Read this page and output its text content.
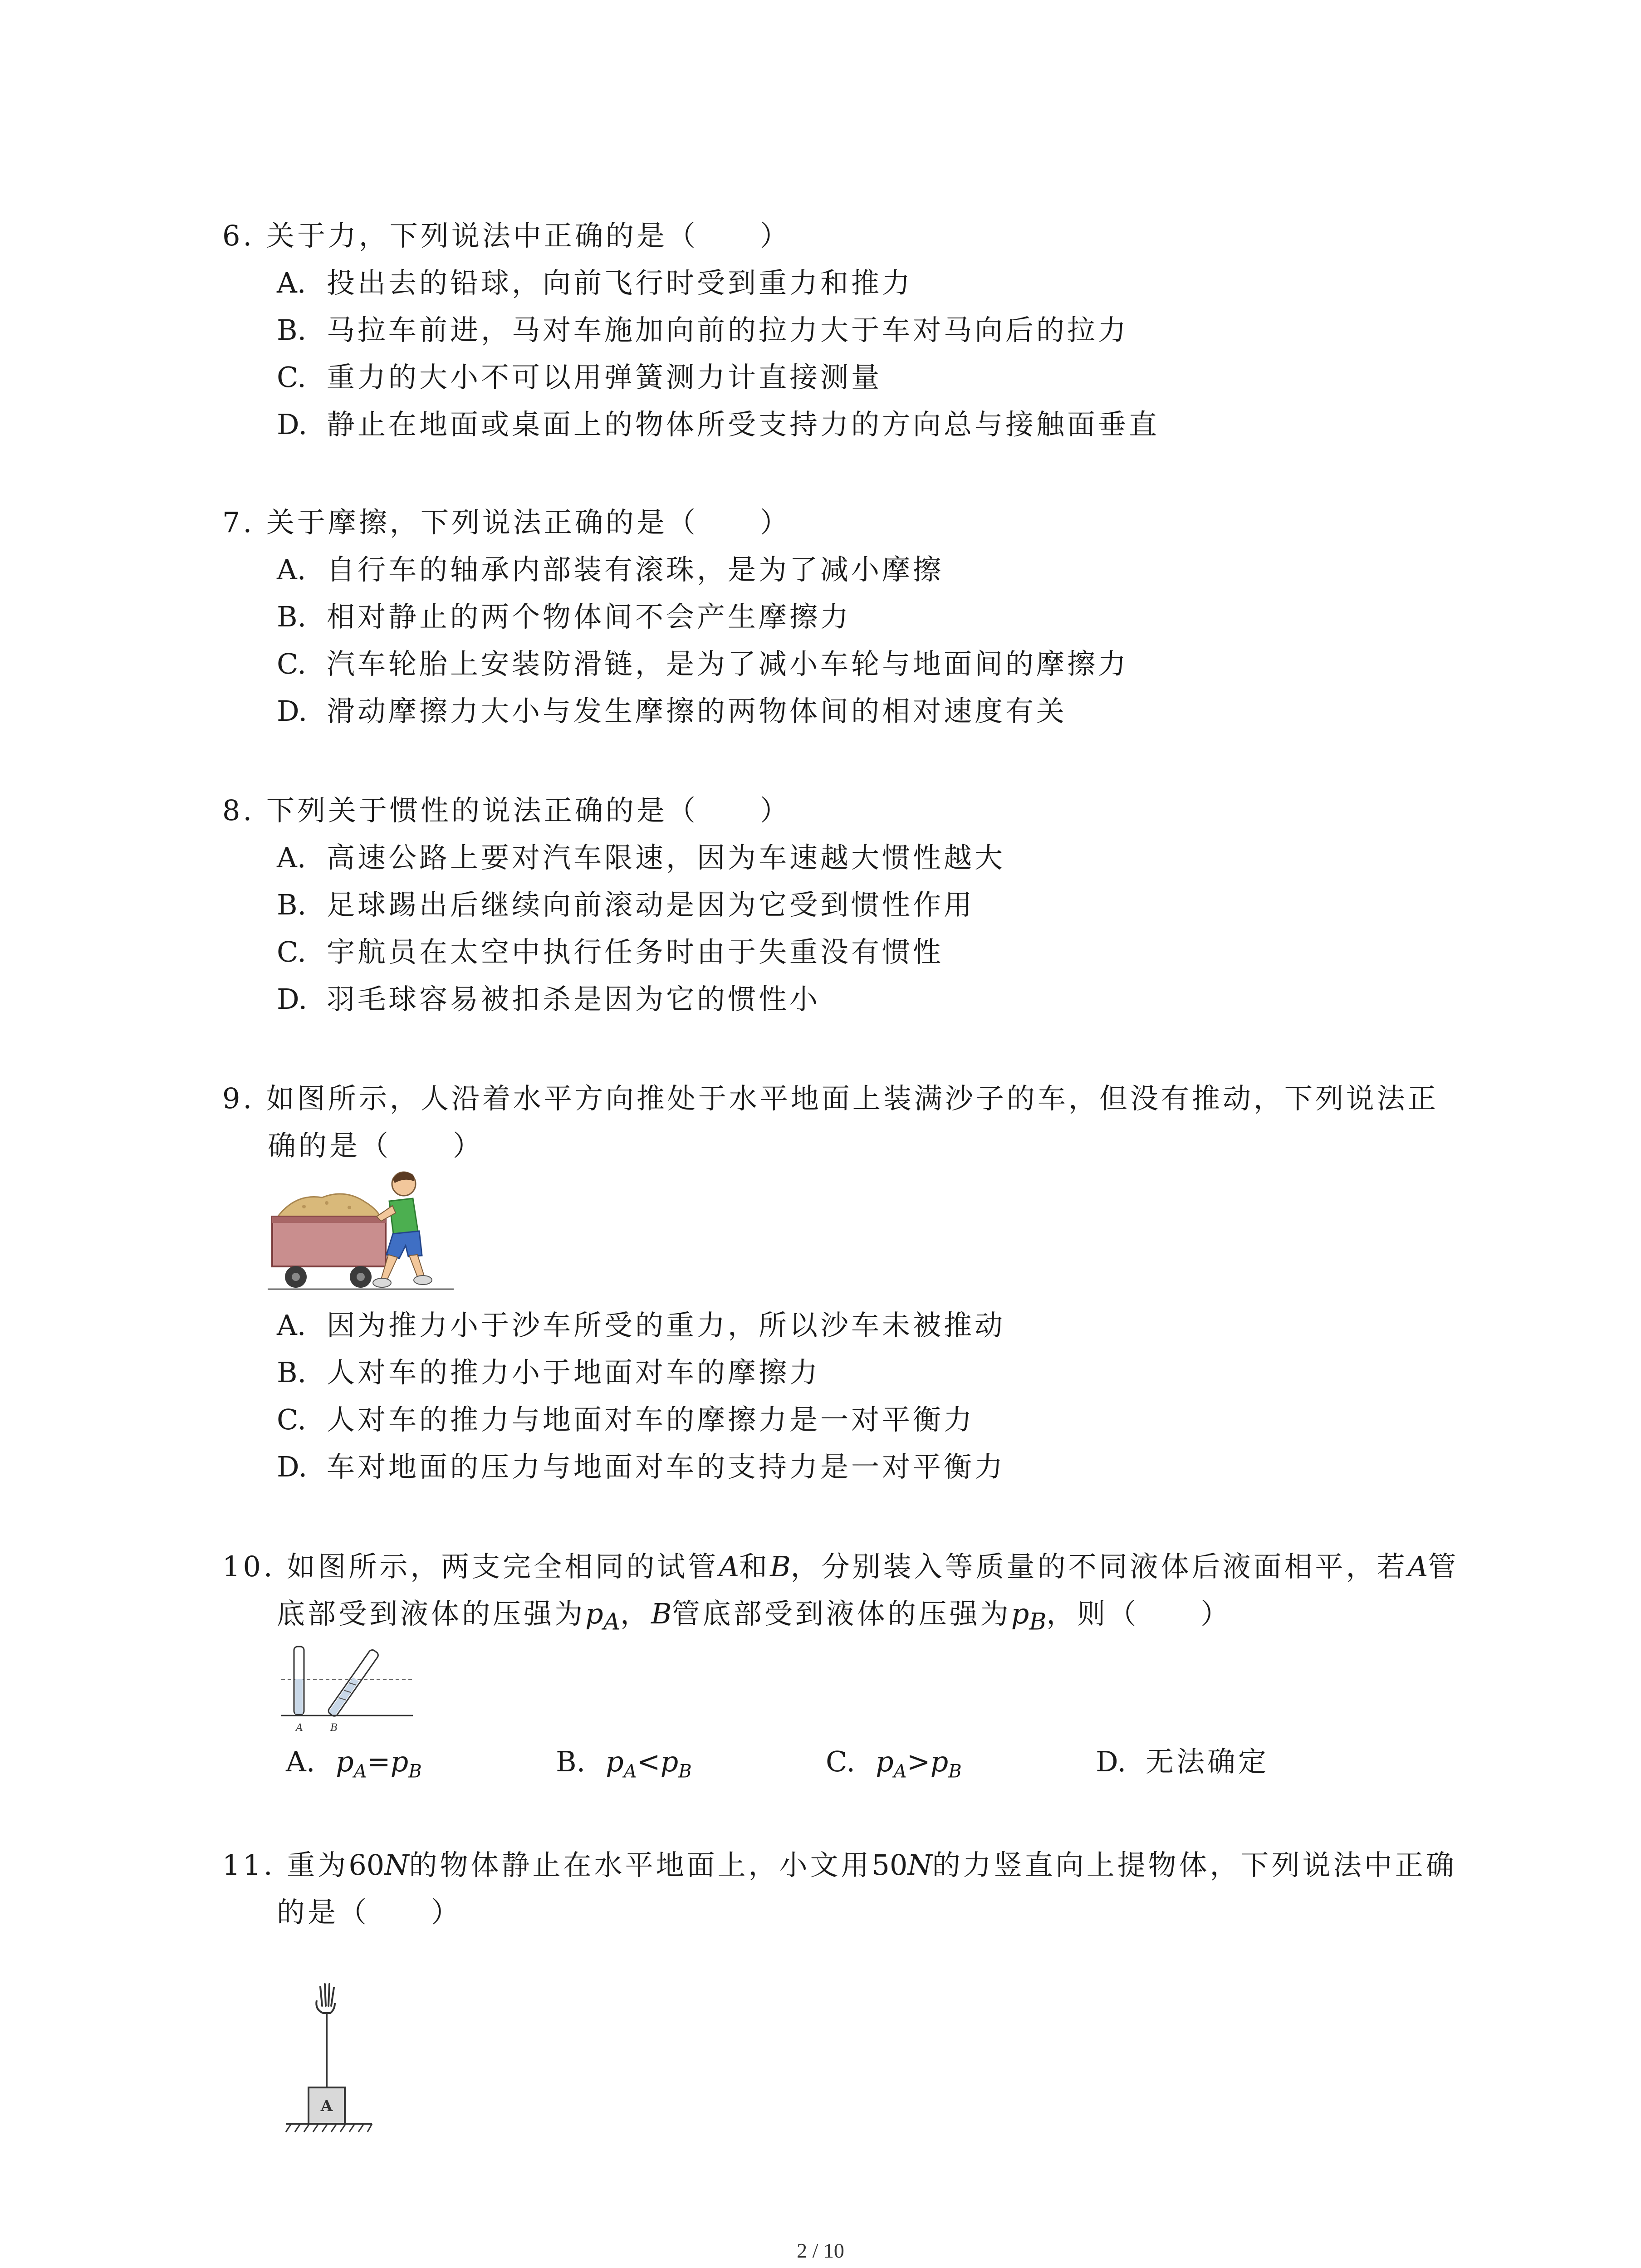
6. 关于力，下列说法中正确的是（　　）
A. 投出去的铅球，向前飞行时受到重力和推力
B. 马拉车前进，马对车施加向前的拉力大于车对马向后的拉力
C. 重力的大小不可以用弹簧测力计直接测量
D. 静止在地面或桌面上的物体所受支持力的方向总与接触面垂直
7. 关于摩擦，下列说法正确的是（　　）
A. 自行车的轴承内部装有滚珠，是为了减小摩擦
B. 相对静止的两个物体间不会产生摩擦力
C. 汽车轮胎上安装防滑链，是为了减小车轮与地面间的摩擦力
D. 滑动摩擦力大小与发生摩擦的两物体间的相对速度有关
8. 下列关于惯性的说法正确的是（　　）
A. 高速公路上要对汽车限速，因为车速越大惯性越大
B. 足球踢出后继续向前滚动是因为它受到惯性作用
C. 宇航员在太空中执行任务时由于失重没有惯性
D. 羽毛球容易被扣杀是因为它的惯性小
9. 如图所示，人沿着水平方向推处于水平地面上装满沙子的车，但没有推动，下列说法正
确的是（　　）
A. 因为推力小于沙车所受的重力，所以沙车未被推动
B. 人对车的推力小于地面对车的摩擦力
C. 人对车的推力与地面对车的摩擦力是一对平衡力
D. 车对地面的压力与地面对车的支持力是一对平衡力
10. 如图所示，两支完全相同的试管A和B，分别装入等质量的不同液体后液面相平，若A管
底部受到液体的压强为$p_A$，B管底部受到液体的压强为$p_B$，则（　　）
A	B
A. $p_A=p_B$	B. $p_A<p_B$	C. $p_A>p_B$	D. 无法确定
11. 重为60N的物体静止在水平地面上，小文用50N的力竖直向上提物体，下列说法中正确
的是（　　）
A
2 / 10
